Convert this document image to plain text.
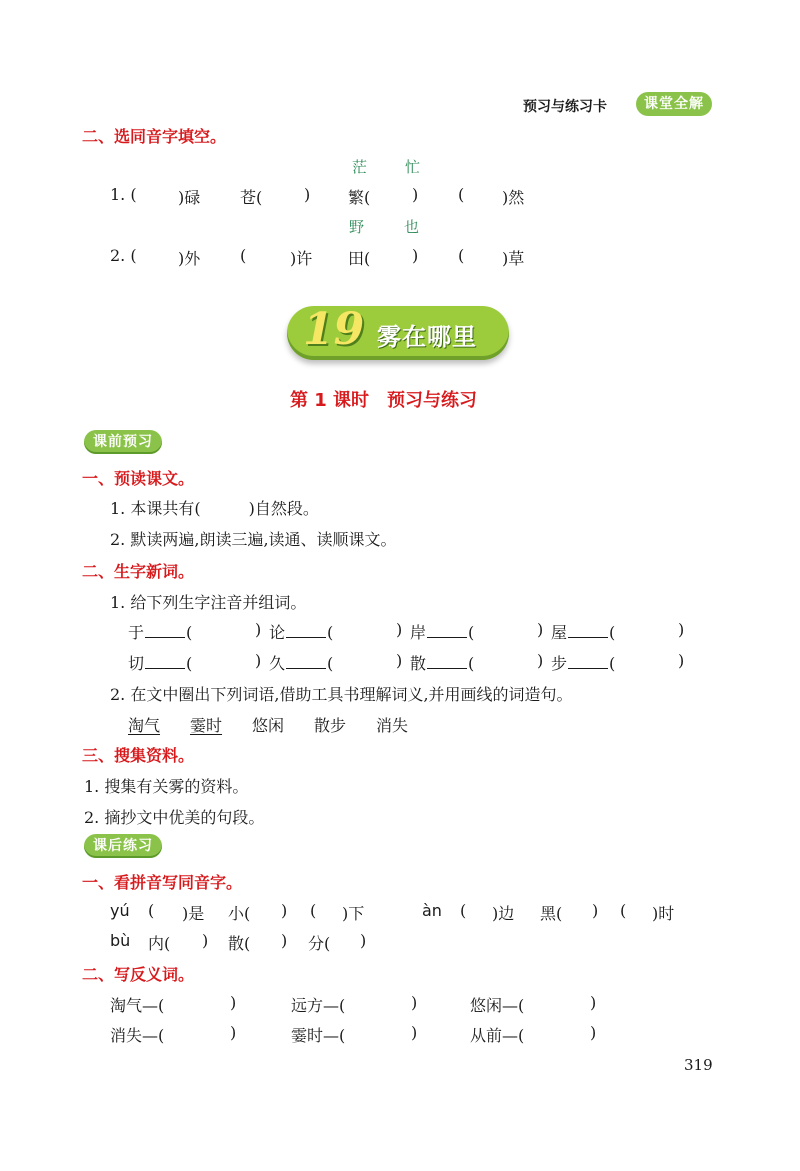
预习与练习卡	课堂全解
二、选同音字填空。
茫	忙
1. (	)碌 苍(	) 繁(	) ( )然
野	也
2. (	)外 (	)许 田(	) ( )草
19 雾在哪里
第 1 课时　预习与练习
课前预习
一、预读课文。
1. 本课共有(　　　)自然段。
2. 默读两遍,朗读三遍,读通、读顺课文。
二、生字新词。
1. 给下列生字注音并组词。
于	(	) 论	(	) 岸	(	) 屋	(	)
切	(	) 久	(	) 散	(	) 步	(	)
2. 在文中圈出下列词语,借助工具书理解词义,并用画线的词造句。
淘气 霎时 悠闲 散步 消失
三、搜集资料。
1. 搜集有关雾的资料。
2. 摘抄文中优美的句段。
课后练习
一、看拼音写同音字。
yú ( )是 小( ) ( )下	àn ( )边 黑( ) ( )时
bù 内( ) 散( ) 分( )
二、写反义词。
淘气—(	)	远方—(	)	悠闲—(	)
消失—(	)	霎时—(	)	从前—(	)
319
